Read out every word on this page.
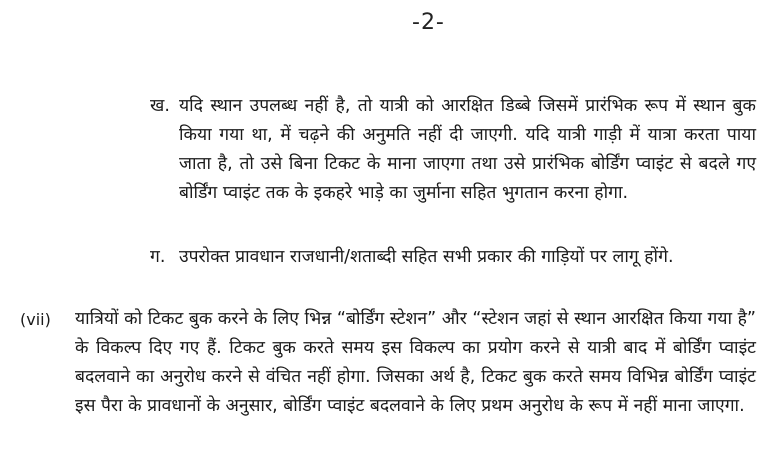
-2-
ख. यदि स्थान उपलब्ध नहीं है, तो यात्री को आरक्षित डिब्बे जिसमें प्रारंभिक रूप में स्थान बुक किया गया था, में चढ़ने की अनुमति नहीं दी जाएगी. यदि यात्री गाड़ी में यात्रा करता पाया जाता है, तो उसे बिना टिकट के माना जाएगा तथा उसे प्रारंभिक बोर्डिंग प्वाइंट से बदले गए बोर्डिंग प्वाइंट तक के इकहरे भाड़े का जुर्माना सहित भुगतान करना होगा.
ग. उपरोक्त प्रावधान राजधानी/शताब्दी सहित सभी प्रकार की गाड़ियों पर लागू होंगे.
(vii) यात्रियों को टिकट बुक करने के लिए भिन्न “बोर्डिंग स्टेशन” और “स्टेशन जहां से स्थान आरक्षित किया गया है” के विकल्प दिए गए हैं. टिकट बुक करते समय इस विकल्प का प्रयोग करने से यात्री बाद में बोर्डिंग प्वाइंट बदलवाने का अनुरोध करने से वंचित नहीं होगा. जिसका अर्थ है, टिकट बुक करते समय विभिन्न बोर्डिंग प्वाइंट इस पैरा के प्रावधानों के अनुसार, बोर्डिंग प्वाइंट बदलवाने के लिए प्रथम अनुरोध के रूप में नहीं माना जाएगा.
